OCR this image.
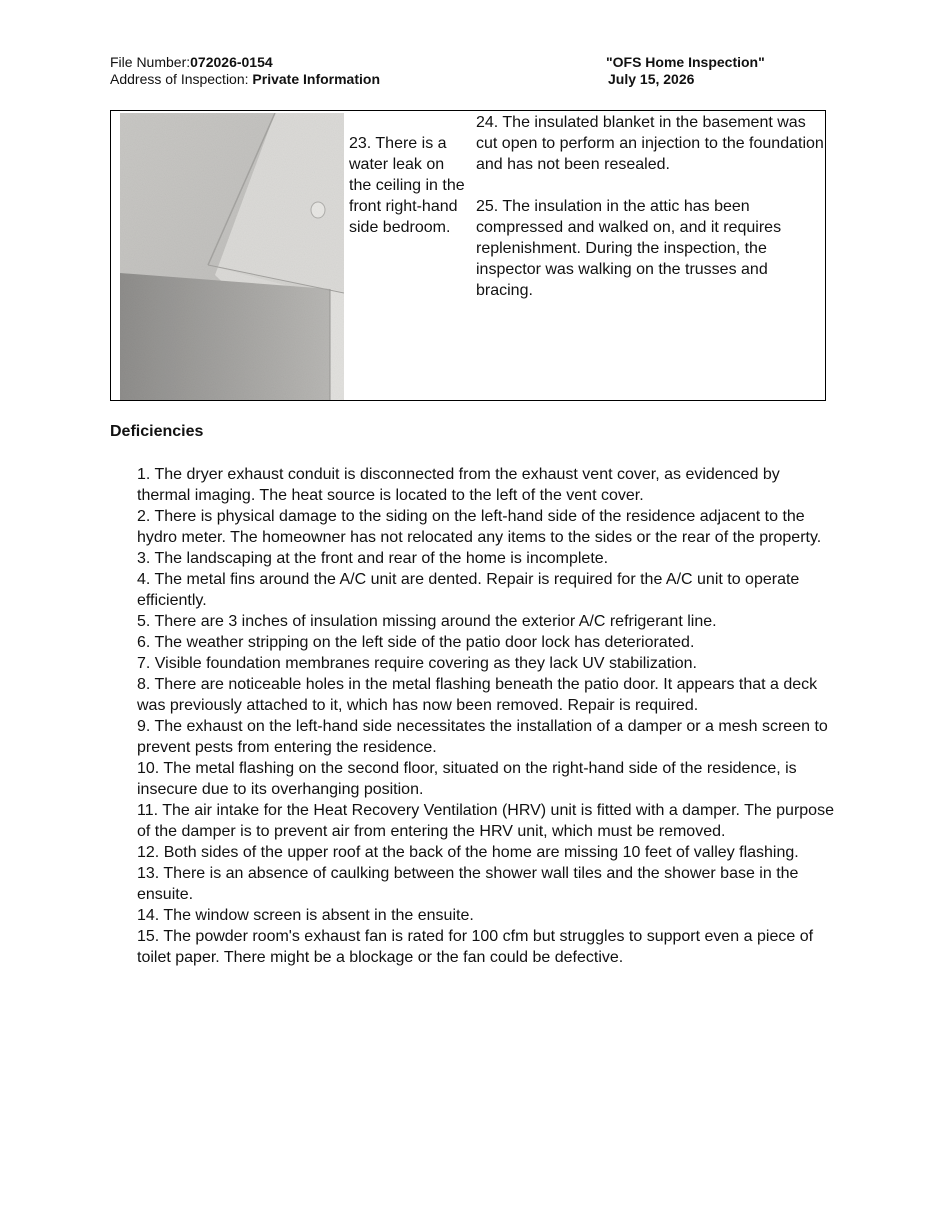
File Number:072026-0154
Address of Inspection: Private Information
"OFS Home Inspection"
July 15, 2026
23. There is a water leak on the ceiling in the front right-hand side bedroom.

24. The insulated blanket in the basement was cut open to perform an injection to the foundation and has not been resealed.

25. The insulation in the attic has been compressed and walked on, and it requires replenishment. During the inspection, the inspector was walking on the trusses and bracing.

Deficiencies
1. The dryer exhaust conduit is disconnected from the exhaust vent cover, as evidenced by thermal imaging. The heat source is located to the left of the vent cover.
2. There is physical damage to the siding on the left-hand side of the residence adjacent to the hydro meter. The homeowner has not relocated any items to the sides or the rear of the property.
3. The landscaping at the front and rear of the home is incomplete.
4. The metal fins around the A/C unit are dented. Repair is required for the A/C unit to operate efficiently.
5. There are 3 inches of insulation missing around the exterior A/C refrigerant line.
6. The weather stripping on the left side of the patio door lock has deteriorated.
7. Visible foundation membranes require covering as they lack UV stabilization.
8. There are noticeable holes in the metal flashing beneath the patio door. It appears that a deck was previously attached to it, which has now been removed. Repair is required.
9. The exhaust on the left-hand side necessitates the installation of a damper or a mesh screen to prevent pests from entering the residence.
10. The metal flashing on the second floor, situated on the right-hand side of the residence, is insecure due to its overhanging position.
11. The air intake for the Heat Recovery Ventilation (HRV) unit is fitted with a damper. The purpose of the damper is to prevent air from entering the HRV unit, which must be removed.
12. Both sides of the upper roof at the back of the home are missing 10 feet of valley flashing.
13. There is an absence of caulking between the shower wall tiles and the shower base in the ensuite.
14. The window screen is absent in the ensuite.
15. The powder room's exhaust fan is rated for 100 cfm but struggles to support even a piece of toilet paper. There might be a blockage or the fan could be defective.
